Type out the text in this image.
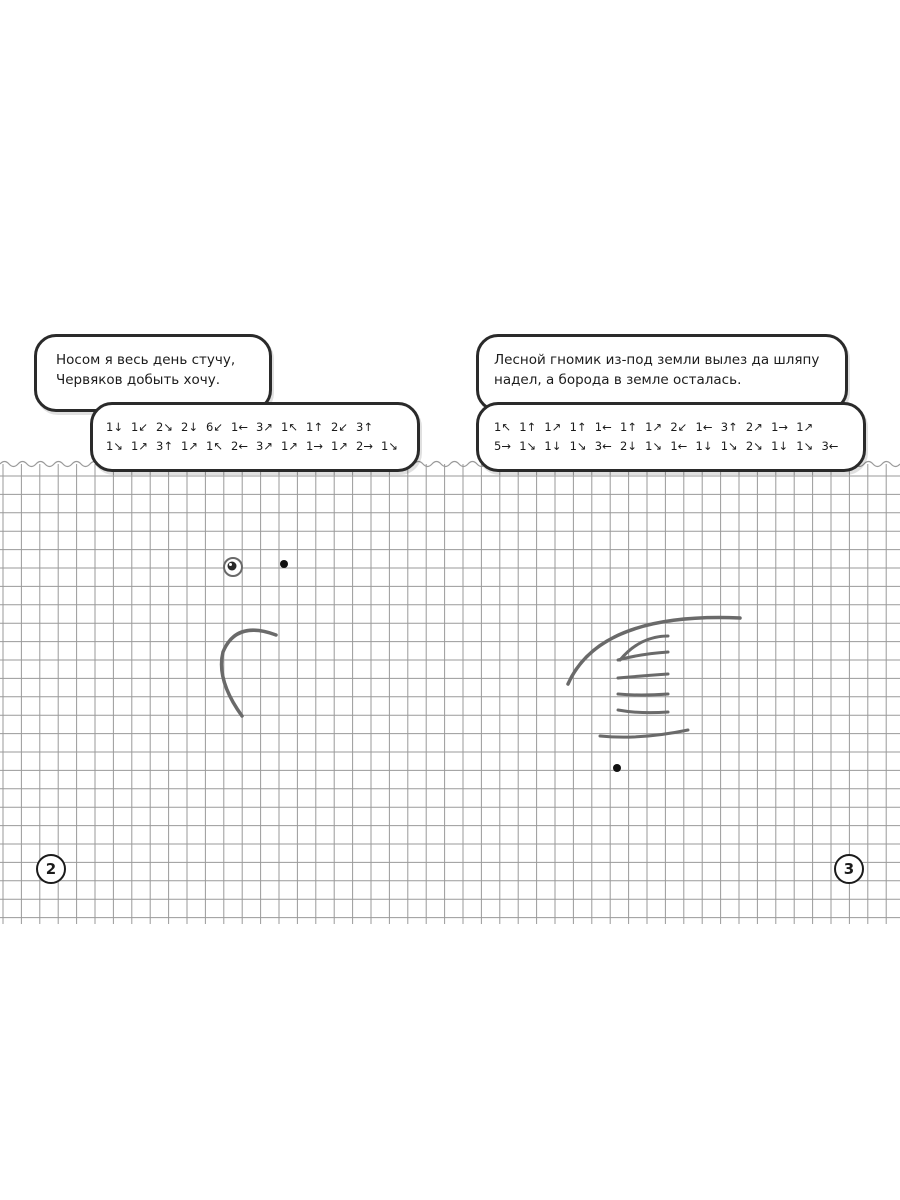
Носом я весь день стучу,
Червяков добыть хочу.
1↓ 1↙ 2↘ 2↓ 6↙ 1← 3↗ 1↖ 1↑ 2↙ 3↑
1↘ 1↗ 3↑ 1↗ 1↖ 2← 3↗ 1↗ 1→ 1↗ 2→ 1↘
Лесной гномик из-под земли вылез да шляпу
надел, а борода в земле осталась.
1↖ 1↑ 1↗ 1↑ 1← 1↑ 1↗ 2↙ 1← 3↑ 2↗ 1→ 1↗
5→ 1↘ 1↓ 1↘ 3← 2↓ 1↘ 1← 1↓ 1↘ 2↘ 1↓ 1↘ 3←
2	3
